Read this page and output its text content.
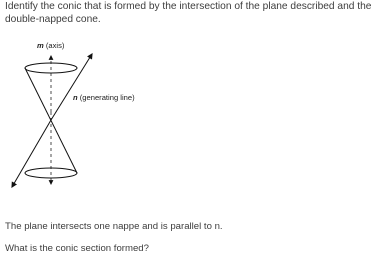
Identify the conic that is formed by the intersection of the plane described and the double-napped cone.

m (axis)
n (generating line)

The plane intersects one nappe and is parallel to n.

What is the conic section formed?
